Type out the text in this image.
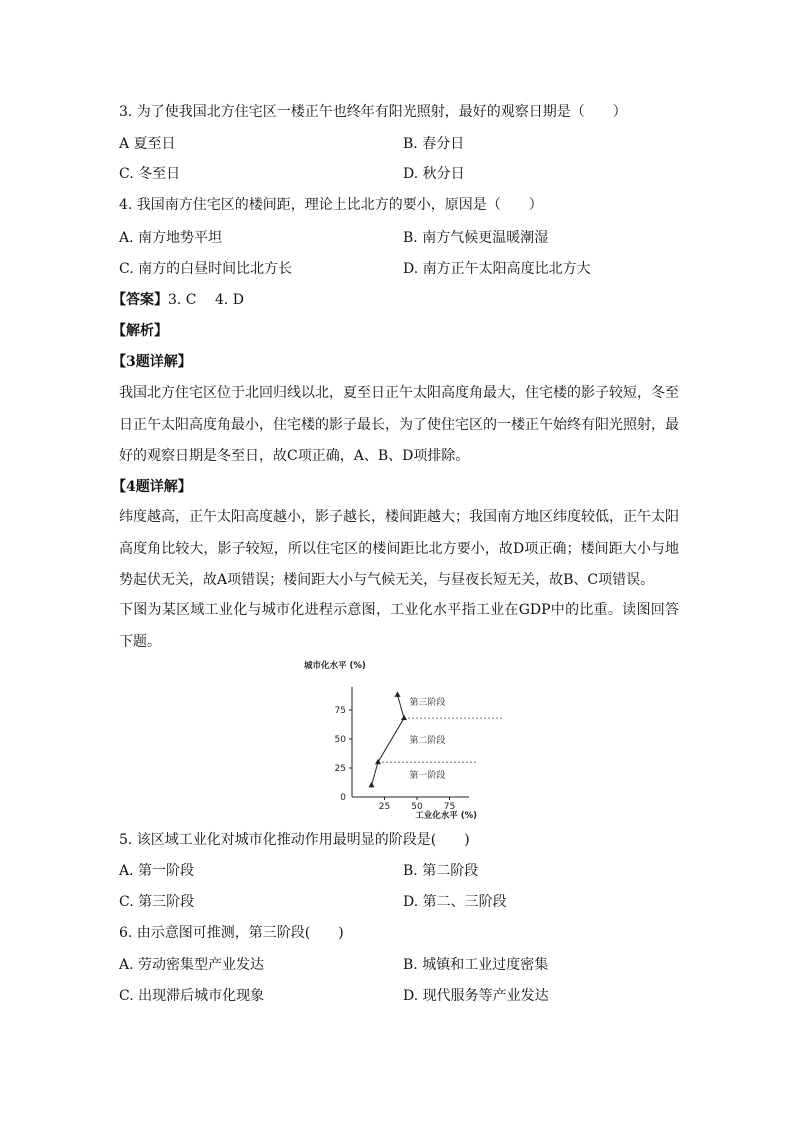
3. 为了使我国北方住宅区一楼正午也终年有阳光照射，最好的观察日期是（　　）
A 夏至日	B. 春分日
C. 冬至日	D. 秋分日
4. 我国南方住宅区的楼间距，理论上比北方的要小，原因是（　　）
A. 南方地势平坦	B. 南方气候更温暖潮湿
C. 南方的白昼时间比北方长	D. 南方正午太阳高度比北方大
【答案】3. C　 4. D
【解析】
【3题详解】
我国北方住宅区位于北回归线以北，夏至日正午太阳高度角最大，住宅楼的影子较短，冬至日正午太阳高度角最小，住宅楼的影子最长，为了使住宅区的一楼正午始终有阳光照射，最好的观察日期是冬至日，故C项正确，A、B、D项排除。
【4题详解】
纬度越高，正午太阳高度越小，影子越长，楼间距越大；我国南方地区纬度较低，正午太阳高度角比较大，影子较短，所以住宅区的楼间距比北方要小，故D项正确；楼间距大小与地势起伏无关，故A项错误；楼间距大小与气候无关，与昼夜长短无关，故B、C项错误。
下图为某区域工业化与城市化进程示意图，工业化水平指工业在GDP中的比重。读图回答下题。
城市化水平 (%)
工业化水平 (%)
0
25
50
75
25 50 75
第一阶段
第二阶段
第三阶段
5. 该区域工业化对城市化推动作用最明显的阶段是(　　)
A. 第一阶段	B. 第二阶段
C. 第三阶段	D. 第二、三阶段
6. 由示意图可推测，第三阶段(　　)
A. 劳动密集型产业发达	B. 城镇和工业过度密集
C. 出现滞后城市化现象	D. 现代服务等产业发达
